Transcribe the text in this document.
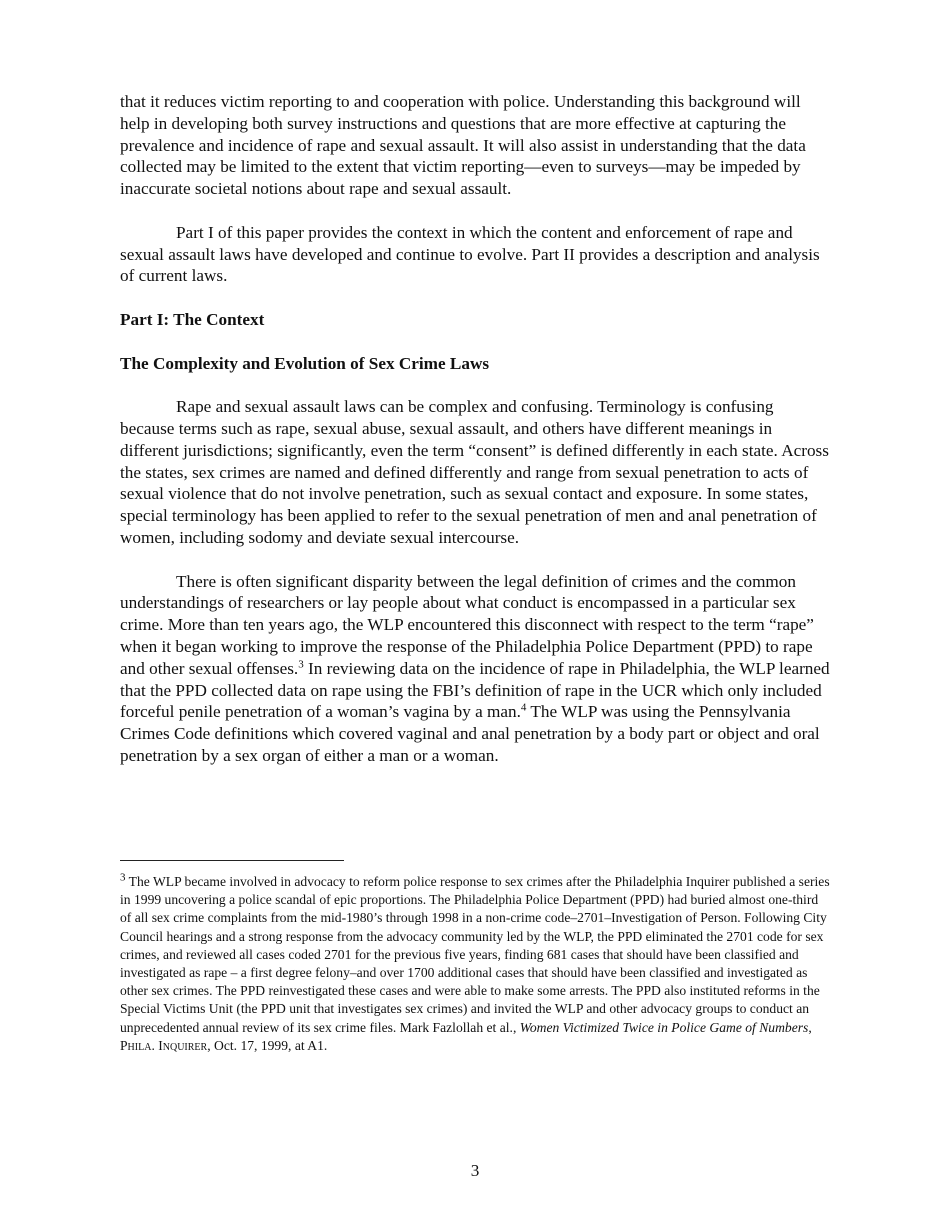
that it reduces victim reporting to and cooperation with police. Understanding this background will help in developing both survey instructions and questions that are more effective at capturing the prevalence and incidence of rape and sexual assault. It will also assist in understanding that the data collected may be limited to the extent that victim reporting—even to surveys—may be impeded by inaccurate societal notions about rape and sexual assault.

Part I of this paper provides the context in which the content and enforcement of rape and sexual assault laws have developed and continue to evolve. Part II provides a description and analysis of current laws.

Part I: The Context
The Complexity and Evolution of Sex Crime Laws

Rape and sexual assault laws can be complex and confusing. Terminology is confusing because terms such as rape, sexual abuse, sexual assault, and others have different meanings in different jurisdictions; significantly, even the term “consent” is defined differently in each state. Across the states, sex crimes are named and defined differently and range from sexual penetration to acts of sexual violence that do not involve penetration, such as sexual contact and exposure. In some states, special terminology has been applied to refer to the sexual penetration of men and anal penetration of women, including sodomy and deviate sexual intercourse.

There is often significant disparity between the legal definition of crimes and the common understandings of researchers or lay people about what conduct is encompassed in a particular sex crime. More than ten years ago, the WLP encountered this disconnect with respect to the term “rape” when it began working to improve the response of the Philadelphia Police Department (PPD) to rape and other sexual offenses.$^3$ In reviewing data on the incidence of rape in Philadelphia, the WLP learned that the PPD collected data on rape using the FBI’s definition of rape in the UCR which only included forceful penile penetration of a woman’s vagina by a man.$^4$ The WLP was using the Pennsylvania Crimes Code definitions which covered vaginal and anal penetration by a body part or object and oral penetration by a sex organ of either a man or a woman.

$^3$ The WLP became involved in advocacy to reform police response to sex crimes after the Philadelphia Inquirer published a series in 1999 uncovering a police scandal of epic proportions. The Philadelphia Police Department (PPD) had buried almost one-third of all sex crime complaints from the mid-1980’s through 1998 in a non-crime code–2701–Investigation of Person. Following City Council hearings and a strong response from the advocacy community led by the WLP, the PPD eliminated the 2701 code for sex crimes, and reviewed all cases coded 2701 for the previous five years, finding 681 cases that should have been classified and investigated as rape – a first degree felony–and over 1700 additional cases that should have been classified and investigated as other sex crimes. The PPD reinvestigated these cases and were able to make some arrests. The PPD also instituted reforms in the Special Victims Unit (the PPD unit that investigates sex crimes) and invited the WLP and other advocacy groups to conduct an unprecedented annual review of its sex crime files. Mark Fazlollah et al., Women Victimized Twice in Police Game of Numbers, Phila. Inquirer, Oct. 17, 1999, at A1.

3
